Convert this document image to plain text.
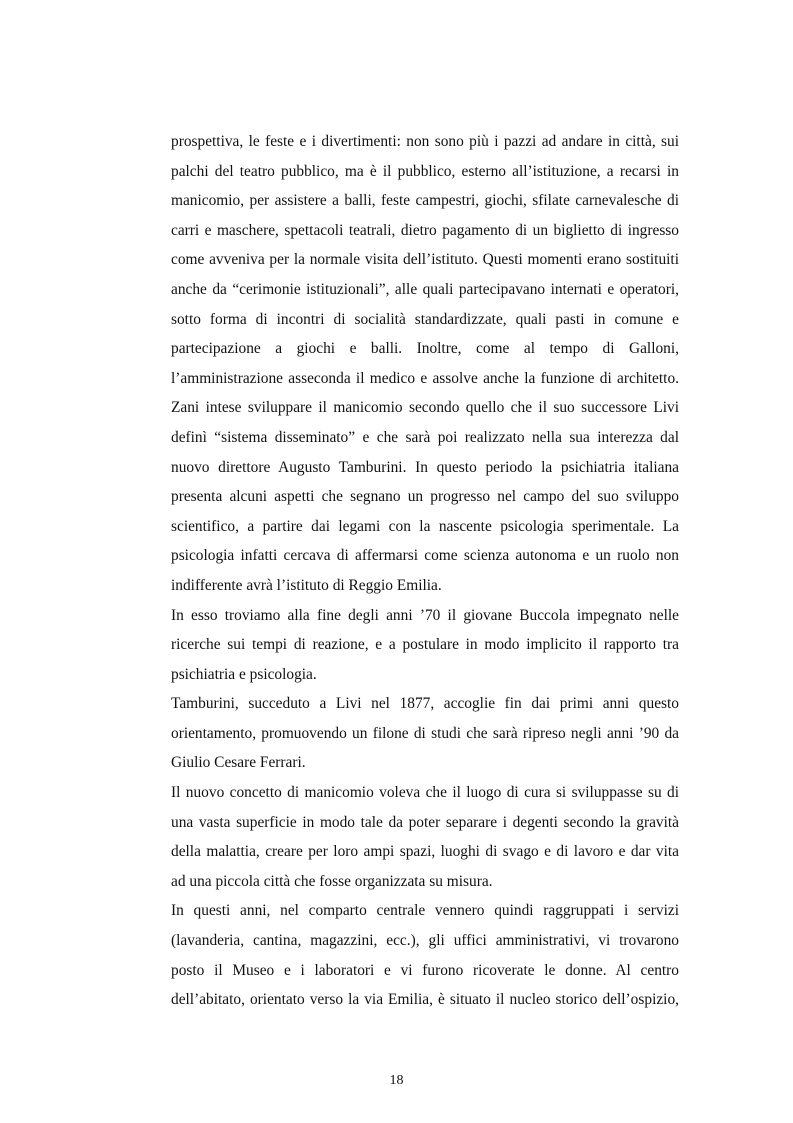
prospettiva, le feste e i divertimenti: non sono più i pazzi ad andare in città, sui
palchi del teatro pubblico, ma è il pubblico, esterno all’istituzione, a recarsi in
manicomio, per assistere a balli, feste campestri, giochi, sfilate carnevalesche di
carri e maschere, spettacoli teatrali, dietro pagamento di un biglietto di ingresso
come avveniva per la normale visita dell’istituto. Questi momenti erano sostituiti
anche da “cerimonie istituzionali”, alle quali partecipavano internati e operatori,
sotto forma di incontri di socialità standardizzate, quali pasti in comune e
partecipazione a giochi e balli. Inoltre, come al tempo di Galloni,
l’amministrazione asseconda il medico e assolve anche la funzione di architetto.
Zani intese sviluppare il manicomio secondo quello che il suo successore Livi
definì “sistema disseminato” e che sarà poi realizzato nella sua interezza dal
nuovo direttore Augusto Tamburini. In questo periodo la psichiatria italiana
presenta alcuni aspetti che segnano un progresso nel campo del suo sviluppo
scientifico, a partire dai legami con la nascente psicologia sperimentale. La
psicologia infatti cercava di affermarsi come scienza autonoma e un ruolo non
indifferente avrà l’istituto di Reggio Emilia.
In esso troviamo alla fine degli anni ’70 il giovane Buccola impegnato nelle
ricerche sui tempi di reazione, e a postulare in modo implicito il rapporto tra
psichiatria e psicologia.
Tamburini, succeduto a Livi nel 1877, accoglie fin dai primi anni questo
orientamento, promuovendo un filone di studi che sarà ripreso negli anni ’90 da
Giulio Cesare Ferrari.
Il nuovo concetto di manicomio voleva che il luogo di cura si sviluppasse su di
una vasta superficie in modo tale da poter separare i degenti secondo la gravità
della malattia, creare per loro ampi spazi, luoghi di svago e di lavoro e dar vita
ad una piccola città che fosse organizzata su misura.
In questi anni, nel comparto centrale vennero quindi raggruppati i servizi
(lavanderia, cantina, magazzini, ecc.), gli uffici amministrativi, vi trovarono
posto il Museo e i laboratori e vi furono ricoverate le donne. Al centro
dell’abitato, orientato verso la via Emilia, è situato il nucleo storico dell’ospizio,
18
